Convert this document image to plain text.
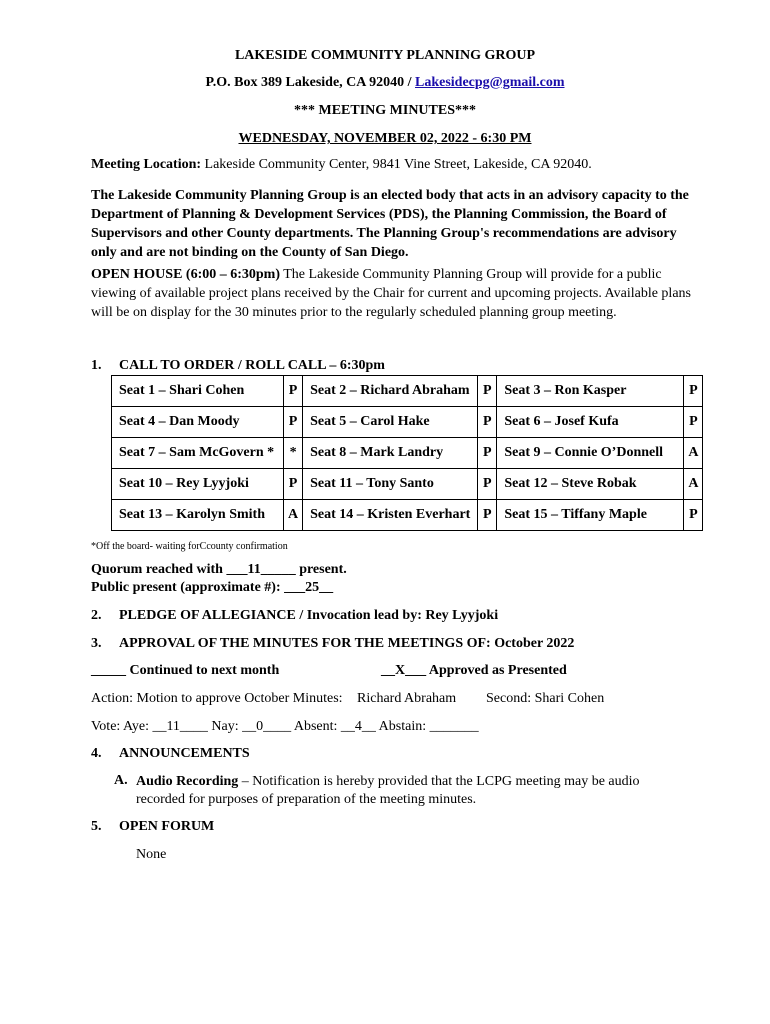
LAKESIDE COMMUNITY PLANNING GROUP
P.O. Box 389 Lakeside, CA 92040 / Lakesidecpg@gmail.com
*** MEETING MINUTES***
WEDNESDAY, NOVEMBER 02, 2022 - 6:30 PM
Meeting Location: Lakeside Community Center, 9841 Vine Street, Lakeside, CA 92040.
The Lakeside Community Planning Group is an elected body that acts in an advisory capacity to the Department of Planning & Development Services (PDS), the Planning Commission, the Board of Supervisors and other County departments. The Planning Group's recommendations are advisory only and are not binding on the County of San Diego.
OPEN HOUSE (6:00 – 6:30pm) The Lakeside Community Planning Group will provide for a public viewing of available project plans received by the Chair for current and upcoming projects. Available plans will be on display for the 30 minutes prior to the regularly scheduled planning group meeting.
1. CALL TO ORDER / ROLL CALL – 6:30pm
Seat 1 – Shari Cohen	P	Seat 2 – Richard Abraham	P	Seat 3 – Ron Kasper	P
Seat 4 – Dan Moody	P	Seat 5 – Carol Hake	P	Seat 6 – Josef Kufa	P
Seat 7 – Sam McGovern *	*	Seat 8 – Mark Landry	P	Seat 9 – Connie O’Donnell	A
Seat 10 – Rey Lyyjoki	P	Seat 11 – Tony Santo	P	Seat 12 – Steve Robak	A
Seat 13 – Karolyn Smith	A	Seat 14 – Kristen Everhart	P	Seat 15 – Tiffany Maple	P
*Off the board- waiting forCcounty confirmation
Quorum reached with ___11_____ present.
Public present (approximate #): ___25__
2. PLEDGE OF ALLEGIANCE / Invocation lead by: Rey Lyyjoki
3. APPROVAL OF THE MINUTES FOR THE MEETINGS OF: October 2022
_____ Continued to next month	__X___ Approved as Presented
Action: Motion to approve October Minutes: Richard Abraham Second: Shari Cohen
Vote: Aye: __11____ Nay: __0____ Absent: __4__ Abstain: _______
4. ANNOUNCEMENTS
A. Audio Recording – Notification is hereby provided that the LCPG meeting may be audio recorded for purposes of preparation of the meeting minutes.
5. OPEN FORUM
None
